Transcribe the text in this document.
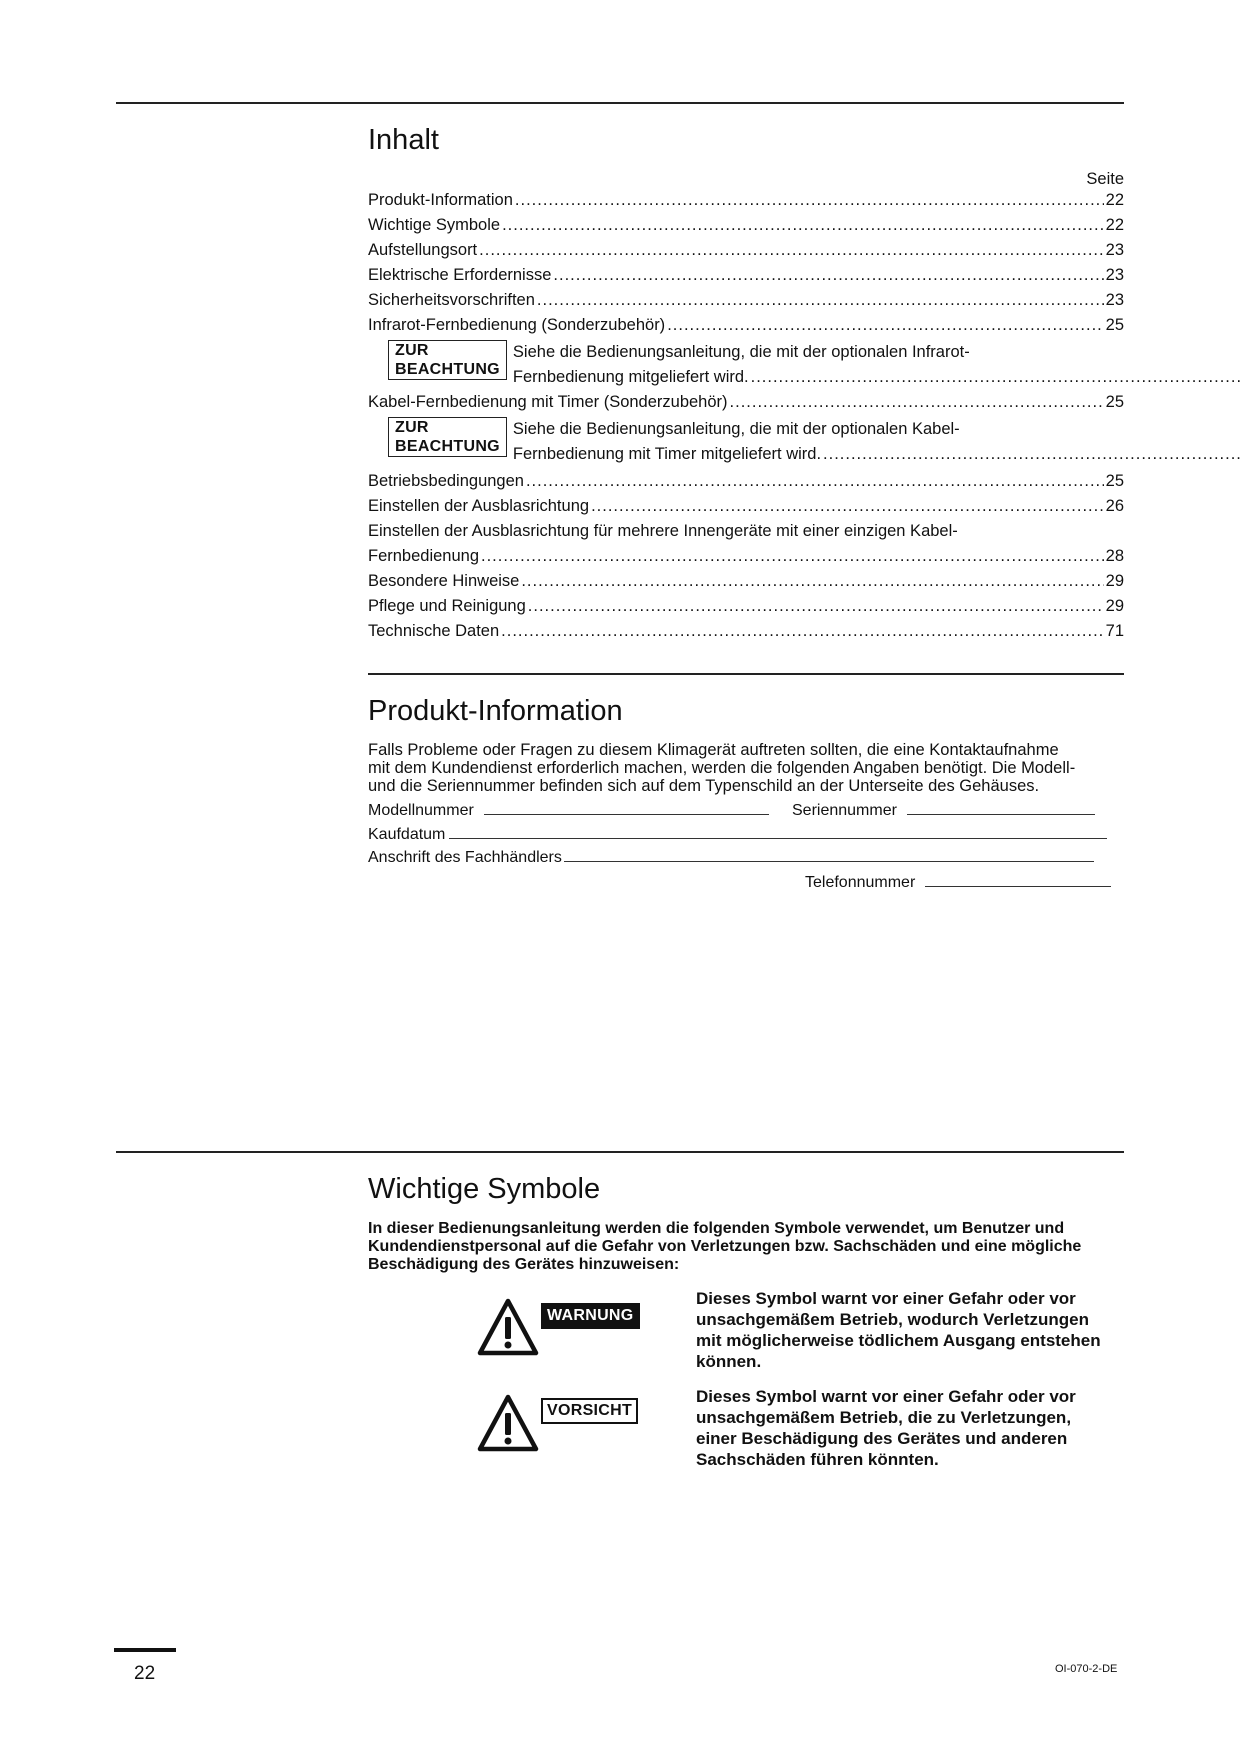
Inhalt
Seite
Produkt-Information .....	22
Wichtige Symbole .....	22
Aufstellungsort .....	23
Elektrische Erfordernisse .....	23
Sicherheitsvorschriften .....	23
Infrarot-Fernbedienung (Sonderzubehör) .....	25
ZUR BEACHTUNG
Siehe die Bedienungsanleitung, die mit der optionalen Infrarot-
Fernbedienung mitgeliefert wird.
.....
Kabel-Fernbedienung mit Timer (Sonderzubehör) .....	25
ZUR BEACHTUNG
Siehe die Bedienungsanleitung, die mit der optionalen Kabel-
Fernbedienung mit Timer mitgeliefert wird.
.....
Betriebsbedingungen .....	25
Einstellen der Ausblasrichtung .....	26
Einstellen der Ausblasrichtung für mehrere Innengeräte mit einer einzigen Kabel-
Fernbedienung .....	28
Besondere Hinweise .....	29
Pflege und Reinigung .....	29
Technische Daten .....	71
Produkt-Information
Falls Probleme oder Fragen zu diesem Klimagerät auftreten sollten, die eine Kontaktaufnahme
mit dem Kundendienst erforderlich machen, werden die folgenden Angaben benötigt. Die Modell-
und die Seriennummer befinden sich auf dem Typenschild an der Unterseite des Gehäuses.
Modellnummer	Seriennummer
Kaufdatum
Anschrift des Fachhändlers
Telefonnummer
Wichtige Symbole
In dieser Bedienungsanleitung werden die folgenden Symbole verwendet, um Benutzer und
Kundendienstpersonal auf die Gefahr von Verletzungen bzw. Sachschäden und eine mögliche
Beschädigung des Gerätes hinzuweisen:
WARNUNG
Dieses Symbol warnt vor einer Gefahr oder vor
unsachgemäßem Betrieb, wodurch Verletzungen
mit möglicherweise tödlichem Ausgang entstehen
können.
VORSICHT
Dieses Symbol warnt vor einer Gefahr oder vor
unsachgemäßem Betrieb, die zu Verletzungen,
einer Beschädigung des Gerätes und anderen
Sachschäden führen könnten.
22	OI-070-2-DE
